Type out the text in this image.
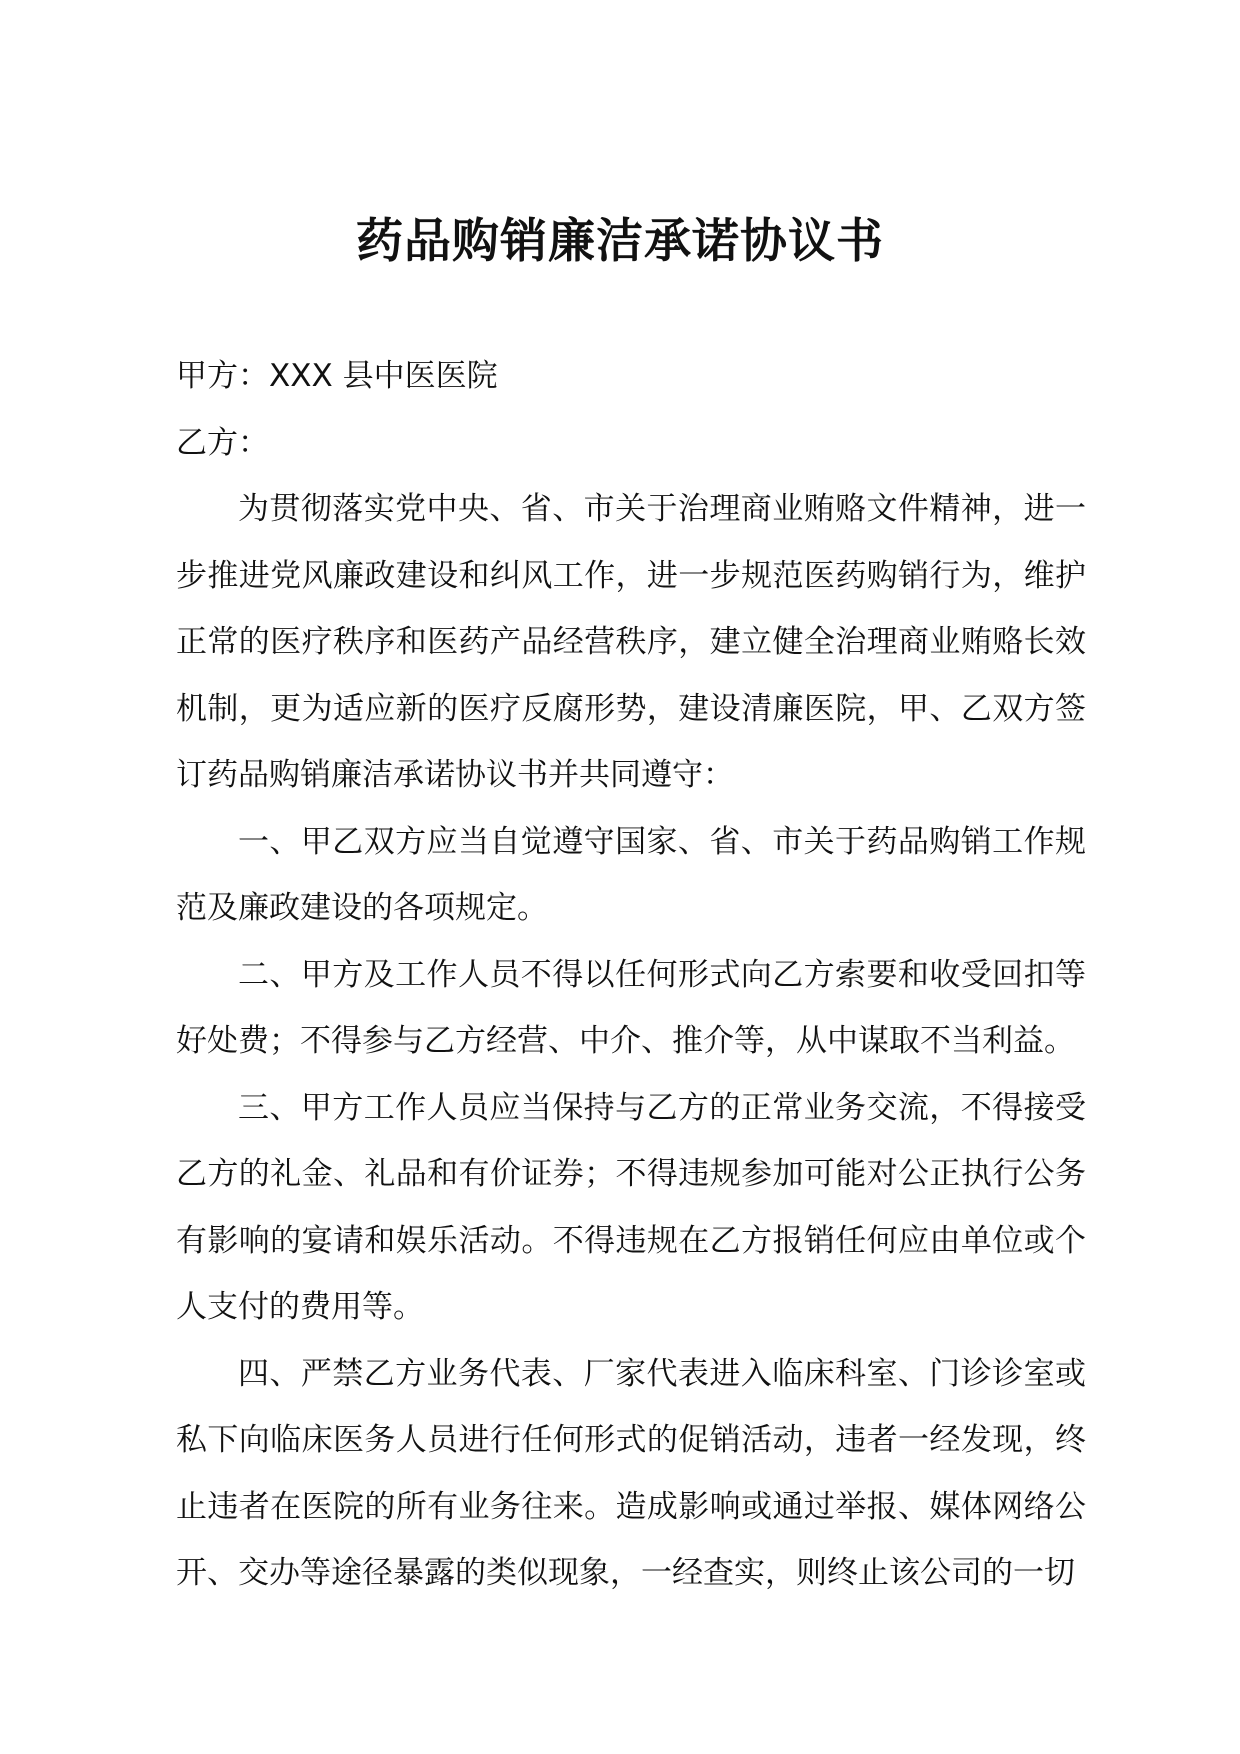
药品购销廉洁承诺协议书

甲方：XXX 县中医医院

乙方：

为贯彻落实党中央、省、市关于治理商业贿赂文件精神，进一步推进党风廉政建设和纠风工作，进一步规范医药购销行为，维护正常的医疗秩序和医药产品经营秩序，建立健全治理商业贿赂长效机制，更为适应新的医疗反腐形势，建设清廉医院，甲、乙双方签订药品购销廉洁承诺协议书并共同遵守：

一、甲乙双方应当自觉遵守国家、省、市关于药品购销工作规范及廉政建设的各项规定。

二、甲方及工作人员不得以任何形式向乙方索要和收受回扣等好处费；不得参与乙方经营、中介、推介等，从中谋取不当利益。

三、甲方工作人员应当保持与乙方的正常业务交流，不得接受乙方的礼金、礼品和有价证券；不得违规参加可能对公正执行公务有影响的宴请和娱乐活动。不得违规在乙方报销任何应由单位或个人支付的费用等。

四、严禁乙方业务代表、厂家代表进入临床科室、门诊诊室或私下向临床医务人员进行任何形式的促销活动，违者一经发现，终止违者在医院的所有业务往来。造成影响或通过举报、媒体网络公开、交办等途径暴露的类似现象，一经查实，则终止该公司的一切
